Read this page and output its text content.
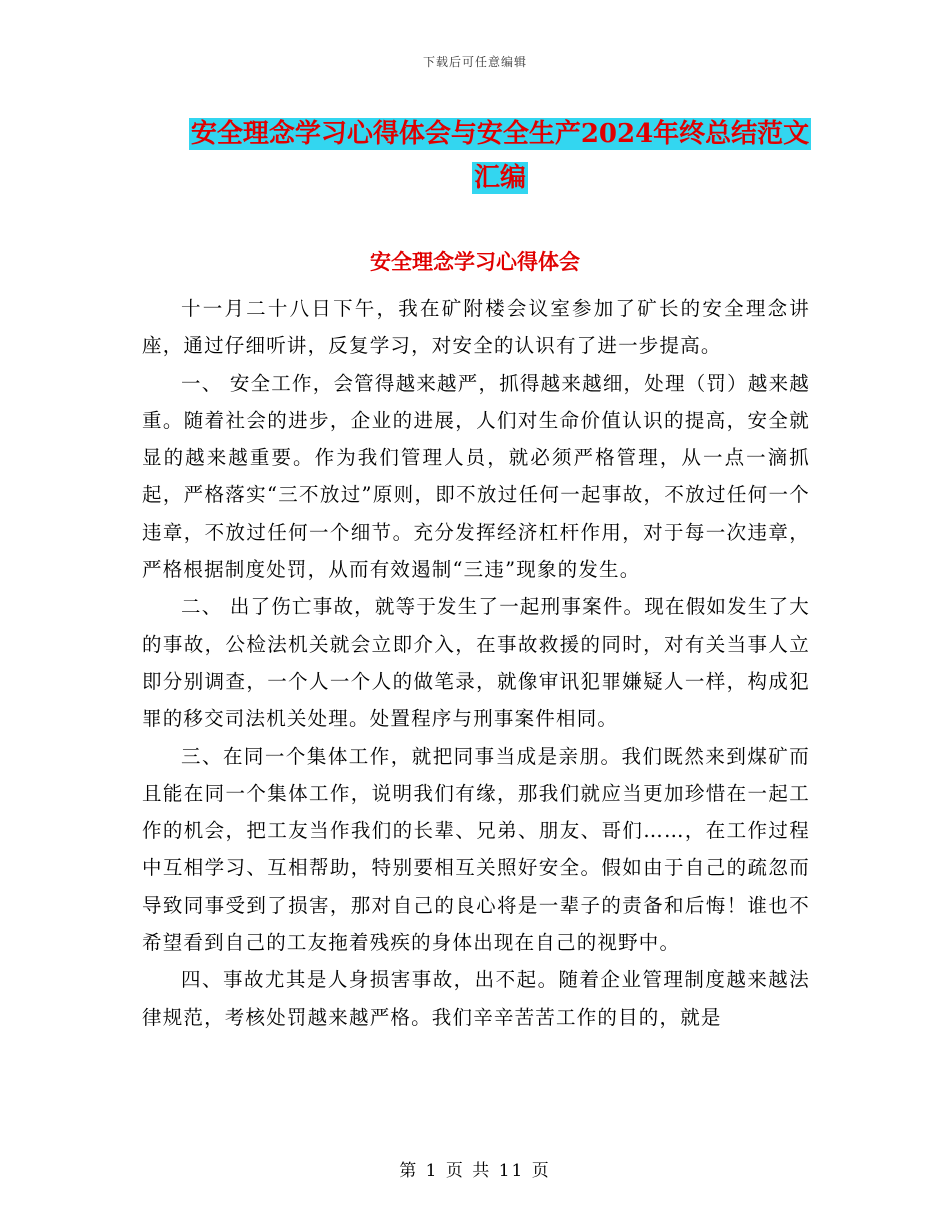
下载后可任意编辑
安全理念学习心得体会与安全生产2024年终总结范文
汇编
安全理念学习心得体会

十一月二十八日下午，我在矿附楼会议室参加了矿长的安全理念讲座，通过仔细听讲，反复学习，对安全的认识有了进一步提高。

一、 安全工作，会管得越来越严，抓得越来越细，处理（罚）越来越重。随着社会的进步，企业的进展，人们对生命价值认识的提高，安全就显的越来越重要。作为我们管理人员，就必须严格管理，从一点一滴抓起，严格落实“三不放过”原则，即不放过任何一起事故，不放过任何一个违章，不放过任何一个细节。充分发挥经济杠杆作用，对于每一次违章，严格根据制度处罚，从而有效遏制“三违”现象的发生。

二、 出了伤亡事故，就等于发生了一起刑事案件。现在假如发生了大的事故，公检法机关就会立即介入，在事故救援的同时，对有关当事人立即分别调查，一个人一个人的做笔录，就像审讯犯罪嫌疑人一样，构成犯罪的移交司法机关处理。处置程序与刑事案件相同。

三、在同一个集体工作，就把同事当成是亲朋。我们既然来到煤矿而且能在同一个集体工作，说明我们有缘，那我们就应当更加珍惜在一起工作的机会，把工友当作我们的长辈、兄弟、朋友、哥们……，在工作过程中互相学习、互相帮助，特别要相互关照好安全。假如由于自己的疏忽而导致同事受到了损害，那对自己的良心将是一辈子的责备和后悔！谁也不希望看到自己的工友拖着残疾的身体出现在自己的视野中。

四、事故尤其是人身损害事故，出不起。随着企业管理制度越来越法律规范，考核处罚越来越严格。我们辛辛苦苦工作的目的，就是

第 1 页 共 11 页
